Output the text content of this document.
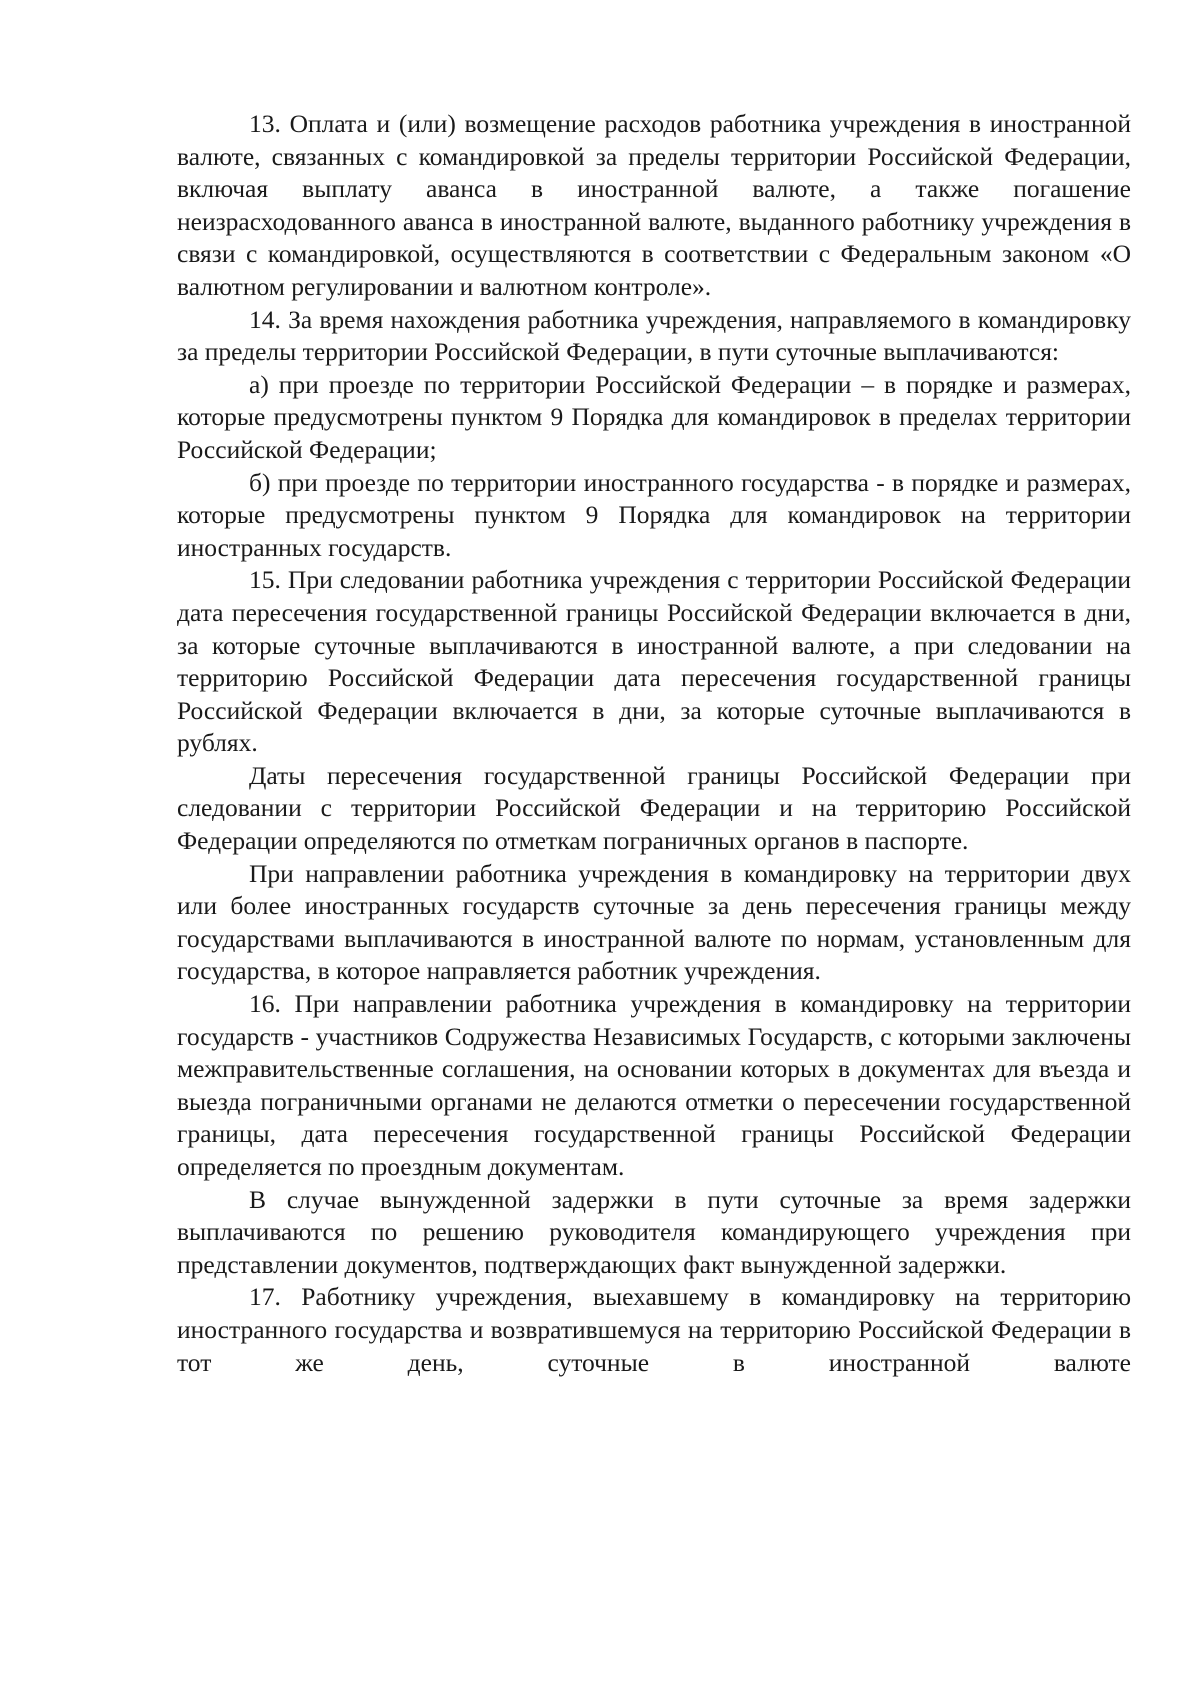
13. Оплата и (или) возмещение расходов работника учреждения в иностранной валюте, связанных с командировкой за пределы территории Российской Федерации, включая выплату аванса в иностранной валюте, а также погашение неизрасходованного аванса в иностранной валюте, выданного работнику учреждения в связи с командировкой, осуществляются в соответствии с Федеральным законом «О валютном регулировании и валютном контроле».

14. За время нахождения работника учреждения, направляемого в командировку за пределы территории Российской Федерации, в пути суточные выплачиваются:

а) при проезде по территории Российской Федерации – в порядке и размерах, которые предусмотрены пунктом 9 Порядка для командировок в пределах территории Российской Федерации;

б) при проезде по территории иностранного государства - в порядке и размерах, которые предусмотрены пунктом 9 Порядка для командировок на территории иностранных государств.

15. При следовании работника учреждения с территории Российской Федерации дата пересечения государственной границы Российской Федерации включается в дни, за которые суточные выплачиваются в иностранной валюте, а при следовании на территорию Российской Федерации дата пересечения государственной границы Российской Федерации включается в дни, за которые суточные выплачиваются в рублях.

Даты пересечения государственной границы Российской Федерации при следовании с территории Российской Федерации и на территорию Российской Федерации определяются по отметкам пограничных органов в паспорте.

При направлении работника учреждения в командировку на территории двух или более иностранных государств суточные за день пересечения границы между государствами выплачиваются в иностранной валюте по нормам, установленным для государства, в которое направляется работник учреждения.

16. При направлении работника учреждения в командировку на территории государств - участников Содружества Независимых Государств, с которыми заключены межправительственные соглашения, на основании которых в документах для въезда и выезда пограничными органами не делаются отметки о пересечении государственной границы, дата пересечения государственной границы Российской Федерации определяется по проездным документам.

В случае вынужденной задержки в пути суточные за время задержки выплачиваются по решению руководителя командирующего учреждения при представлении документов, подтверждающих факт вынужденной задержки.

17. Работнику учреждения, выехавшему в командировку на территорию иностранного государства и возвратившемуся на территорию Российской Федерации в тот же день, суточные в иностранной валюте
